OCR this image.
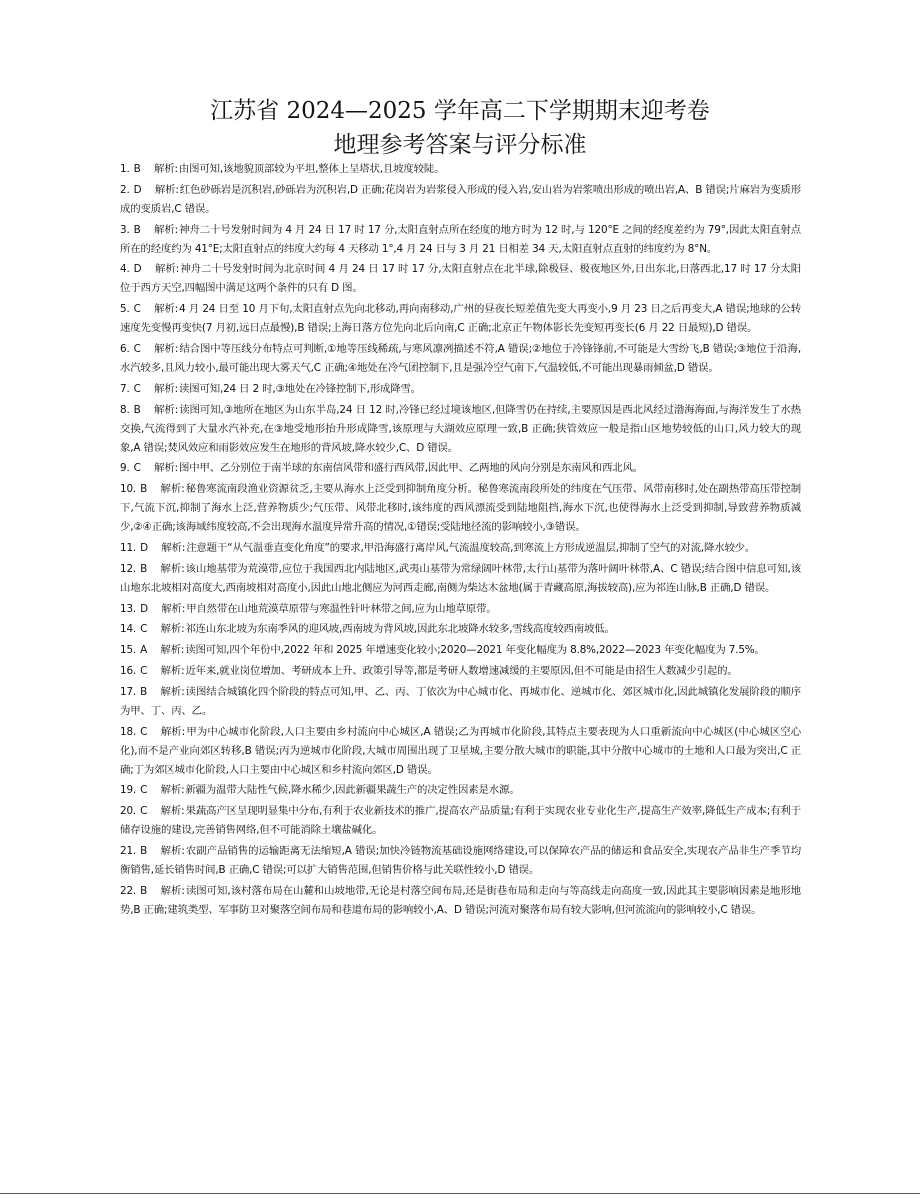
江苏省 2024—2025 学年高二下学期期末迎考卷
地理参考答案与评分标准
1. B  解析:由图可知,该地貌顶部较为平坦,整体上呈塔状,且坡度较陡。
2. D  解析:红色砂砾岩是沉积岩,砂砾岩为沉积岩,D 正确;花岗岩为岩浆侵入形成的侵入岩,安山岩为岩浆喷出形成的喷出岩,A、B 错误;片麻岩为变质形成的变质岩,C 错误。
3. B  解析:神舟二十号发射时间为 4 月 24 日 17 时 17 分,太阳直射点所在经度的地方时为 12 时,与 120°E 之间的经度差约为 79°,因此太阳直射点所在的经度约为 41°E;太阳直射点的纬度大约每 4 天移动 1°,4 月 24 日与 3 月 21 日相差 34 天,太阳直射点直射的纬度约为 8°N。
4. D  解析:神舟二十号发射时间为北京时间 4 月 24 日 17 时 17 分,太阳直射点在北半球,除极昼、极夜地区外,日出东北,日落西北,17 时 17 分太阳位于西方天空,四幅图中满足这两个条件的只有 D 图。
5. C  解析:4 月 24 日至 10 月下旬,太阳直射点先向北移动,再向南移动,广州的昼夜长短差值先变大再变小,9 月 23 日之后再变大,A 错误;地球的公转速度先变慢再变快(7 月初,远日点最慢),B 错误;上海日落方位先向北后向南,C 正确;北京正午物体影长先变短再变长(6 月 22 日最短),D 错误。
6. C  解析:结合图中等压线分布特点可判断,①地等压线稀疏,与寒风凛冽描述不符,A 错误;②地位于冷锋锋前,不可能是大雪纷飞,B 错误;③地位于沿海,水汽较多,且风力较小,最可能出现大雾天气,C 正确;④地处在冷气团控制下,且是强冷空气南下,气温较低,不可能出现暴雨倾盆,D 错误。
7. C  解析:读图可知,24 日 2 时,③地处在冷锋控制下,形成降雪。
8. B  解析:读图可知,③地所在地区为山东半岛,24 日 12 时,冷锋已经过境该地区,但降雪仍在持续,主要原因是西北风经过渤海海面,与海洋发生了水热交换,气流得到了大量水汽补充,在③地受地形抬升形成降雪,该原理与大湖效应原理一致,B 正确;狭管效应一般是指山区地势较低的山口,风力较大的现象,A 错误;焚风效应和雨影效应发生在地形的背风坡,降水较少,C、D 错误。
9. C  解析:图中甲、乙分别位于南半球的东南信风带和盛行西风带,因此甲、乙两地的风向分别是东南风和西北风。
10. B  解析:秘鲁寒流南段渔业资源贫乏,主要从海水上泛受到抑制角度分析。秘鲁寒流南段所处的纬度在气压带、风带南移时,处在副热带高压带控制下,气流下沉,抑制了海水上泛,营养物质少;气压带、风带北移时,该纬度的西风漂流受到陆地阻挡,海水下沉,也使得海水上泛受到抑制,导致营养物质减少,②④正确;该海域纬度较高,不会出现海水温度异常升高的情况,①错误;受陆地径流的影响较小,③错误。
11. D  解析:注意题干“从气温垂直变化角度”的要求,甲沿海盛行离岸风,气流温度较高,到寒流上方形成逆温层,抑制了空气的对流,降水较少。
12. B  解析:该山地基带为荒漠带,应位于我国西北内陆地区,武夷山基带为常绿阔叶林带,太行山基带为落叶阔叶林带,A、C 错误;结合图中信息可知,该山地东北坡相对高度大,西南坡相对高度小,因此山地北侧应为河西走廊,南侧为柴达木盆地(属于青藏高原,海拔较高),应为祁连山脉,B 正确,D 错误。
13. D  解析:甲自然带在山地荒漠草原带与寒温性针叶林带之间,应为山地草原带。
14. C  解析:祁连山东北坡为东南季风的迎风坡,西南坡为背风坡,因此东北坡降水较多,雪线高度较西南坡低。
15. A  解析:读图可知,四个年份中,2022 年和 2025 年增速变化较小;2020—2021 年变化幅度为 8.8%,2022—2023 年变化幅度为 7.5%。
16. C  解析:近年来,就业岗位增加、考研成本上升、政策引导等,都是考研人数增速减缓的主要原因,但不可能是由招生人数减少引起的。
17. B  解析:读图结合城镇化四个阶段的特点可知,甲、乙、丙、丁依次为中心城市化、再城市化、逆城市化、郊区城市化,因此城镇化发展阶段的顺序为甲、丁、丙、乙。
18. C  解析:甲为中心城市化阶段,人口主要由乡村流向中心城区,A 错误;乙为再城市化阶段,其特点主要表现为人口重新流向中心城区(中心城区空心化),而不是产业向郊区转移,B 错误;丙为逆城市化阶段,大城市周围出现了卫星城,主要分散大城市的职能,其中分散中心城市的土地和人口最为突出,C 正确;丁为郊区城市化阶段,人口主要由中心城区和乡村流向郊区,D 错误。
19. C  解析:新疆为温带大陆性气候,降水稀少,因此新疆果蔬生产的决定性因素是水源。
20. C  解析:果蔬高产区呈现明显集中分布,有利于农业新技术的推广,提高农产品质量;有利于实现农业专业化生产,提高生产效率,降低生产成本;有利于储存设施的建设,完善销售网络,但不可能消除土壤盐碱化。
21. B  解析:农副产品销售的运输距离无法缩短,A 错误;加快冷链物流基础设施网络建设,可以保障农产品的储运和食品安全,实现农产品非生产季节均衡销售,延长销售时间,B 正确,C 错误;可以扩大销售范围,但销售价格与此关联性较小,D 错误。
22. B  解析:读图可知,该村落布局在山麓和山坡地带,无论是村落空间布局,还是街巷布局和走向与等高线走向高度一致,因此其主要影响因素是地形地势,B 正确;建筑类型、军事防卫对聚落空间布局和巷道布局的影响较小,A、D 错误;河流对聚落布局有较大影响,但河流流向的影响较小,C 错误。
